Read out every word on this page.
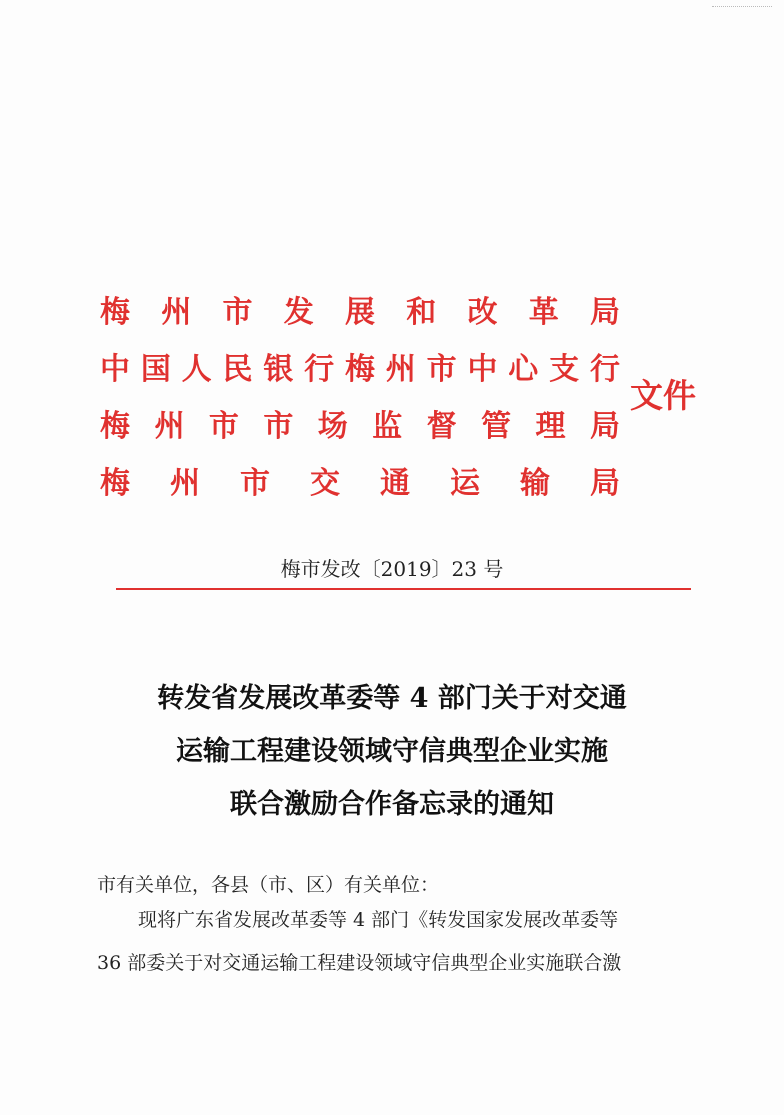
梅 州 市 发 展 和 改 革 局
中 国 人 民 银 行 梅 州 市 中 心 支 行
梅 州 市 市 场 监 督 管 理 局
梅 州 市 交 通 运 输 局
文件
梅市发改〔2019〕23 号
转发省发展改革委等 4 部门关于对交通
运输工程建设领域守信典型企业实施
联合激励合作备忘录的通知
市有关单位，各县（市、区）有关单位：
现将广东省发展改革委等 4 部门《转发国家发展改革委等
36 部委关于对交通运输工程建设领域守信典型企业实施联合激
